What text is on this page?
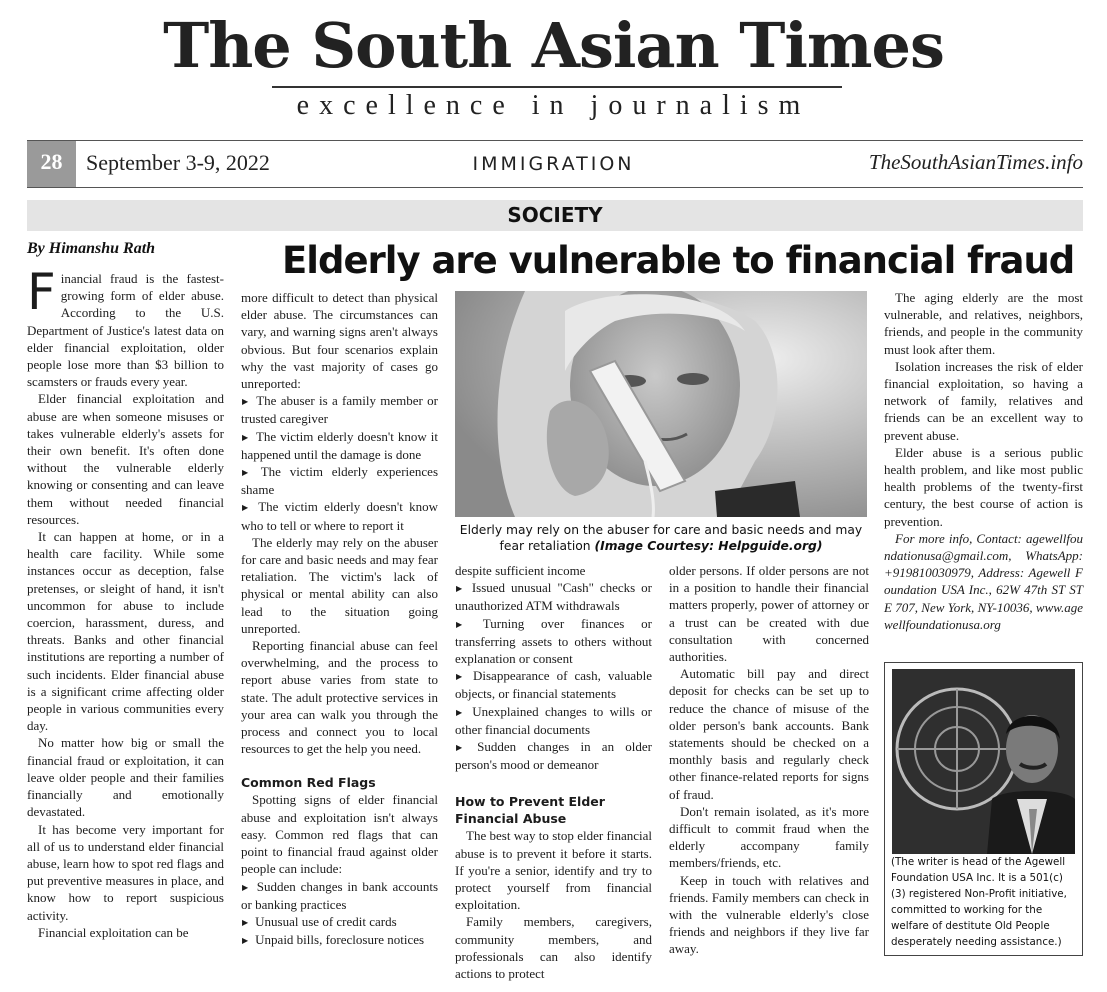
The South Asian Times
excellence in journalism
28	September 3-9, 2022	IMMIGRATION	TheSouthAsianTimes.info
SOCIETY
By Himanshu Rath	Elderly are vulnerable to financial fraud

Financial fraud is the fastest-growing form of elder abuse. According to the U.S. Department of Justice's latest data on elder financial exploitation, older people lose more than $3 billion to scamsters or frauds every year.

Elder financial exploitation and abuse are when someone misuses or takes vulnerable elderly's assets for their own benefit. It's often done without the vulnerable elderly knowing or consenting and can leave them without needed financial resources.

It can happen at home, or in a health care facility. While some instances occur as deception, false pretenses, or sleight of hand, it isn't uncommon for abuse to include coercion, harassment, duress, and threats. Banks and other financial institutions are reporting a number of such incidents. Elder financial abuse is a significant crime affecting older people in various communities every day.

No matter how big or small the financial fraud or exploitation, it can leave older people and their families financially and emotionally devastated.

It has become very important for all of us to understand elder financial abuse, learn how to spot red flags and put preventive measures in place, and know how to report suspicious activity.

Financial exploitation can be

more difficult to detect than physical elder abuse. The circumstances can vary, and warning signs aren't always obvious. But four scenarios explain why the vast majority of cases go unreported:

▶ The abuser is a family member or trusted caregiver

▶ The victim elderly doesn't know it happened until the damage is done

▶ The victim elderly experiences shame

▶ The victim elderly doesn't know who to tell or where to report it

The elderly may rely on the abuser for care and basic needs and may fear retaliation. The victim's lack of physical or mental ability can also lead to the situation going unreported.

Reporting financial abuse can feel overwhelming, and the process to report abuse varies from state to state. The adult protective services in your area can walk you through the process and connect you to local resources to get the help you need.

Common Red Flags

Spotting signs of elder financial abuse and exploitation isn't always easy. Common red flags that can point to financial fraud against older people can include:

▶ Sudden changes in bank accounts or banking practices

▶ Unusual use of credit cards

▶ Unpaid bills, foreclosure notices

Elderly may rely on the abuser for care and basic needs and may fear retaliation (Image Courtesy: Helpguide.org)

despite sufficient income

▶ Issued unusual "Cash" checks or unauthorized ATM withdrawals

▶ Turning over finances or transferring assets to others without explanation or consent

▶ Disappearance of cash, valuable objects, or financial statements

▶ Unexplained changes to wills or other financial documents

▶ Sudden changes in an older person's mood or demeanor

How to Prevent Elder Financial Abuse

The best way to stop elder financial abuse is to prevent it before it starts. If you're a senior, identify and try to protect yourself from financial exploitation.

Family members, caregivers, community members, and professionals can also identify actions to protect

older persons. If older persons are not in a position to handle their financial matters properly, power of attorney or a trust can be created with due consultation with concerned authorities.

Automatic bill pay and direct deposit for checks can be set up to reduce the chance of misuse of the older person's bank accounts. Bank statements should be checked on a monthly basis and regularly check other finance-related reports for signs of fraud.

Don't remain isolated, as it's more difficult to commit fraud when the elderly accompany family members/friends, etc.

Keep in touch with relatives and friends. Family members can check in with the vulnerable elderly's close friends and neighbors if they live far away.

The aging elderly are the most vulnerable, and relatives, neighbors, friends, and people in the community must look after them.

Isolation increases the risk of elder financial exploitation, so having a network of family, relatives and friends can be an excellent way to prevent abuse.

Elder abuse is a serious public health problem, and like most public health problems of the twenty-first century, the best course of action is prevention.

For more info, Contact: agewellfoundationusa@gmail.com, WhatsApp: +919810030979, Address: Agewell Foundation USA Inc., 62W 47th ST STE 707, New York, NY-10036, www.agewellfoundationusa.org

(The writer is head of the Agewell Foundation USA Inc. It is a 501(c)(3) registered Non-Profit initiative, committed to working for the welfare of destitute Old People desperately needing assistance.)
